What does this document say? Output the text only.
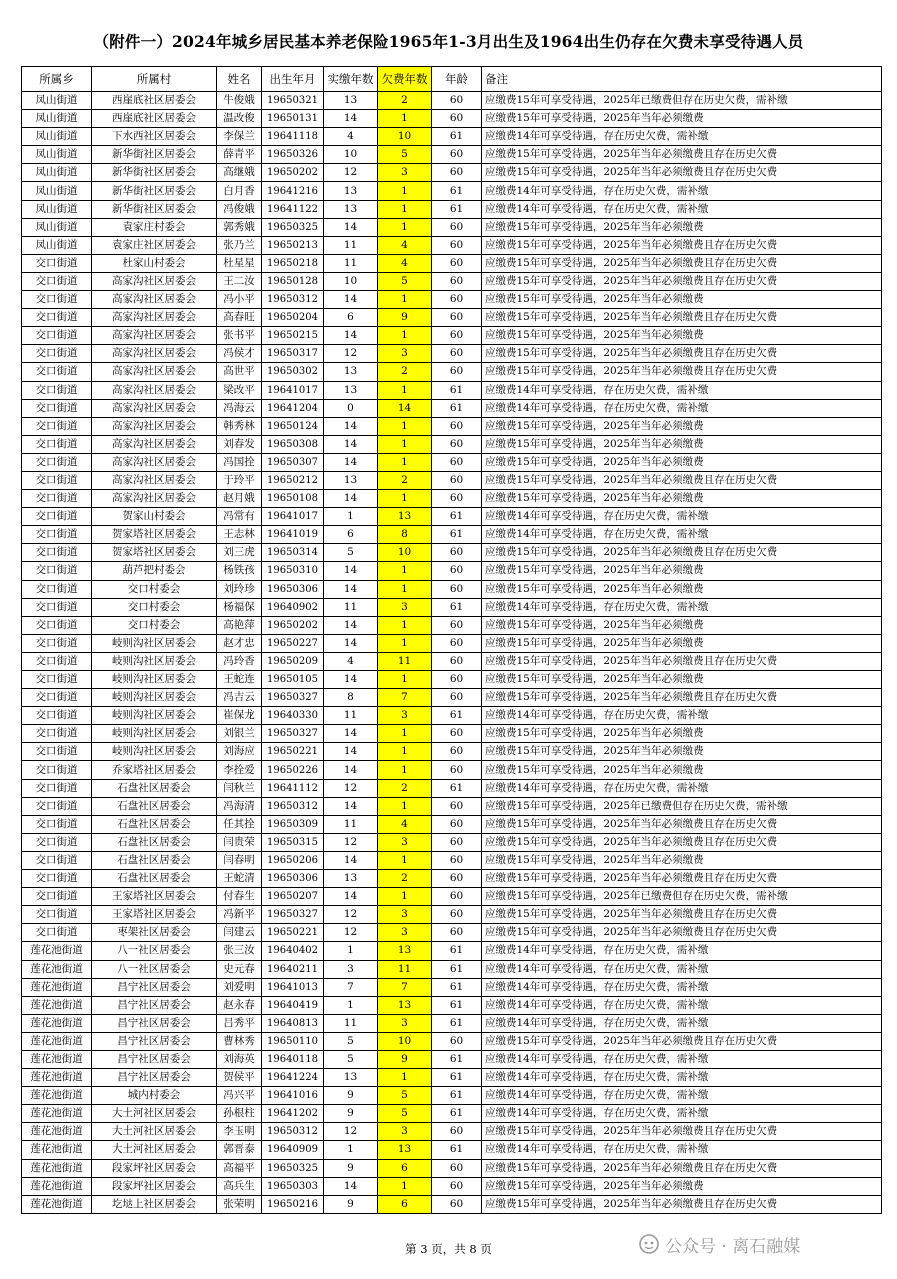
（附件一）2024年城乡居民基本养老保险1965年1-3月出生及1964出生仍存在欠费未享受待遇人员
所属乡	所属村	姓名	出生年月	实缴年数	欠费年数	年龄	备注
凤山街道	西崖底社区居委会	牛俊娥	19650321	13	2	60	应缴费15年可享受待遇，2025年已缴费但存在历史欠费，需补缴
凤山街道	西崖底社区居委会	温改俊	19650131	14	1	60	应缴费15年可享受待遇，2025年当年必须缴费
凤山街道	下水西社区居委会	李保兰	19641118	4	10	61	应缴费14年可享受待遇，存在历史欠费，需补缴
凤山街道	新华街社区居委会	薛青平	19650326	10	5	60	应缴费15年可享受待遇，2025年当年必须缴费且存在历史欠费
凤山街道	新华街社区居委会	高继娥	19650202	12	3	60	应缴费15年可享受待遇，2025年当年必须缴费且存在历史欠费
凤山街道	新华街社区居委会	白月香	19641216	13	1	61	应缴费14年可享受待遇，存在历史欠费，需补缴
凤山街道	新华街社区居委会	冯俊娥	19641122	13	1	61	应缴费14年可享受待遇，存在历史欠费，需补缴
凤山街道	袁家庄村委会	郭秀娥	19650325	14	1	60	应缴费15年可享受待遇，2025年当年必须缴费
凤山街道	袁家庄社区居委会	张乃兰	19650213	11	4	60	应缴费15年可享受待遇，2025年当年必须缴费且存在历史欠费
交口街道	杜家山村委会	杜星星	19650218	11	4	60	应缴费15年可享受待遇，2025年当年必须缴费且存在历史欠费
交口街道	高家沟社区居委会	王二汝	19650128	10	5	60	应缴费15年可享受待遇，2025年当年必须缴费且存在历史欠费
交口街道	高家沟社区居委会	冯小平	19650312	14	1	60	应缴费15年可享受待遇，2025年当年必须缴费
交口街道	高家沟社区居委会	高春旺	19650204	6	9	60	应缴费15年可享受待遇，2025年当年必须缴费且存在历史欠费
交口街道	高家沟社区居委会	张书平	19650215	14	1	60	应缴费15年可享受待遇，2025年当年必须缴费
交口街道	高家沟社区居委会	冯侯才	19650317	12	3	60	应缴费15年可享受待遇，2025年当年必须缴费且存在历史欠费
交口街道	高家沟社区居委会	高世平	19650302	13	2	60	应缴费15年可享受待遇，2025年当年必须缴费且存在历史欠费
交口街道	高家沟社区居委会	梁改平	19641017	13	1	61	应缴费14年可享受待遇，存在历史欠费，需补缴
交口街道	高家沟社区居委会	冯海云	19641204	0	14	61	应缴费14年可享受待遇，存在历史欠费，需补缴
交口街道	高家沟社区居委会	韩秀林	19650124	14	1	60	应缴费15年可享受待遇，2025年当年必须缴费
交口街道	高家沟社区居委会	刘春发	19650308	14	1	60	应缴费15年可享受待遇，2025年当年必须缴费
交口街道	高家沟社区居委会	冯国拴	19650307	14	1	60	应缴费15年可享受待遇，2025年当年必须缴费
交口街道	高家沟社区居委会	于玲平	19650212	13	2	60	应缴费15年可享受待遇，2025年当年必须缴费且存在历史欠费
交口街道	高家沟社区居委会	赵月娥	19650108	14	1	60	应缴费15年可享受待遇，2025年当年必须缴费
交口街道	贺家山村委会	冯常有	19641017	1	13	61	应缴费14年可享受待遇，存在历史欠费，需补缴
交口街道	贺家塔社区居委会	王志林	19641019	6	8	61	应缴费14年可享受待遇，存在历史欠费，需补缴
交口街道	贺家塔社区居委会	刘三虎	19650314	5	10	60	应缴费15年可享受待遇，2025年当年必须缴费且存在历史欠费
交口街道	葫芦把村委会	杨铁孩	19650310	14	1	60	应缴费15年可享受待遇，2025年当年必须缴费
交口街道	交口村委会	刘玲珍	19650306	14	1	60	应缴费15年可享受待遇，2025年当年必须缴费
交口街道	交口村委会	杨福保	19640902	11	3	61	应缴费14年可享受待遇，存在历史欠费，需补缴
交口街道	交口村委会	高艳萍	19650202	14	1	60	应缴费15年可享受待遇，2025年当年必须缴费
交口街道	岐则沟社区居委会	赵才忠	19650227	14	1	60	应缴费15年可享受待遇，2025年当年必须缴费
交口街道	岐则沟社区居委会	冯玲香	19650209	4	11	60	应缴费15年可享受待遇，2025年当年必须缴费且存在历史欠费
交口街道	岐则沟社区居委会	王蛇连	19650105	14	1	60	应缴费15年可享受待遇，2025年当年必须缴费
交口街道	岐则沟社区居委会	冯吉云	19650327	8	7	60	应缴费15年可享受待遇，2025年当年必须缴费且存在历史欠费
交口街道	岐则沟社区居委会	崔保龙	19640330	11	3	61	应缴费14年可享受待遇，存在历史欠费，需补缴
交口街道	岐则沟社区居委会	刘银兰	19650327	14	1	60	应缴费15年可享受待遇，2025年当年必须缴费
交口街道	岐则沟社区居委会	刘海应	19650221	14	1	60	应缴费15年可享受待遇，2025年当年必须缴费
交口街道	乔家塔社区居委会	李拴爱	19650226	14	1	60	应缴费15年可享受待遇，2025年当年必须缴费
交口街道	石盘社区居委会	闫秋兰	19641112	12	2	61	应缴费14年可享受待遇，存在历史欠费，需补缴
交口街道	石盘社区居委会	冯海清	19650312	14	1	60	应缴费15年可享受待遇，2025年已缴费但存在历史欠费，需补缴
交口街道	石盘社区居委会	任其拴	19650309	11	4	60	应缴费15年可享受待遇，2025年当年必须缴费且存在历史欠费
交口街道	石盘社区居委会	闫贵荣	19650315	12	3	60	应缴费15年可享受待遇，2025年当年必须缴费且存在历史欠费
交口街道	石盘社区居委会	闫春明	19650206	14	1	60	应缴费15年可享受待遇，2025年当年必须缴费
交口街道	石盘社区居委会	王蛇清	19650306	13	2	60	应缴费15年可享受待遇，2025年当年必须缴费且存在历史欠费
交口街道	王家塔社区居委会	付春生	19650207	14	1	60	应缴费15年可享受待遇，2025年已缴费但存在历史欠费，需补缴
交口街道	王家塔社区居委会	冯新平	19650327	12	3	60	应缴费15年可享受待遇，2025年当年必须缴费且存在历史欠费
交口街道	枣架社区居委会	闫建云	19650221	12	3	60	应缴费15年可享受待遇，2025年当年必须缴费且存在历史欠费
莲花池街道	八一社区居委会	张三汝	19640402	1	13	61	应缴费14年可享受待遇，存在历史欠费，需补缴
莲花池街道	八一社区居委会	史元春	19640211	3	11	61	应缴费14年可享受待遇，存在历史欠费，需补缴
莲花池街道	昌宁社区居委会	刘爱明	19641013	7	7	61	应缴费14年可享受待遇，存在历史欠费，需补缴
莲花池街道	昌宁社区居委会	赵永春	19640419	1	13	61	应缴费14年可享受待遇，存在历史欠费，需补缴
莲花池街道	昌宁社区居委会	吕秀平	19640813	11	3	61	应缴费14年可享受待遇，存在历史欠费，需补缴
莲花池街道	昌宁社区居委会	曹林秀	19650110	5	10	60	应缴费15年可享受待遇，2025年当年必须缴费且存在历史欠费
莲花池街道	昌宁社区居委会	刘海英	19640118	5	9	61	应缴费14年可享受待遇，存在历史欠费，需补缴
莲花池街道	昌宁社区居委会	贺侯平	19641224	13	1	61	应缴费14年可享受待遇，存在历史欠费，需补缴
莲花池街道	城内村委会	冯兴平	19641016	9	5	61	应缴费14年可享受待遇，存在历史欠费，需补缴
莲花池街道	大土河社区居委会	孙根柱	19641202	9	5	61	应缴费14年可享受待遇，存在历史欠费，需补缴
莲花池街道	大土河社区居委会	李玉明	19650312	12	3	60	应缴费15年可享受待遇，2025年当年必须缴费且存在历史欠费
莲花池街道	大土河社区居委会	郭晋泰	19640909	1	13	61	应缴费14年可享受待遇，存在历史欠费，需补缴
莲花池街道	段家坪社区居委会	高福平	19650325	9	6	60	应缴费15年可享受待遇，2025年当年必须缴费且存在历史欠费
莲花池街道	段家坪社区居委会	高兵生	19650303	14	1	60	应缴费15年可享受待遇，2025年当年必须缴费
莲花池街道	圪垯上社区居委会	张荣明	19650216	9	6	60	应缴费15年可享受待遇，2025年当年必须缴费且存在历史欠费
第 3 页，共 8 页	公众号 · 离石融媒
